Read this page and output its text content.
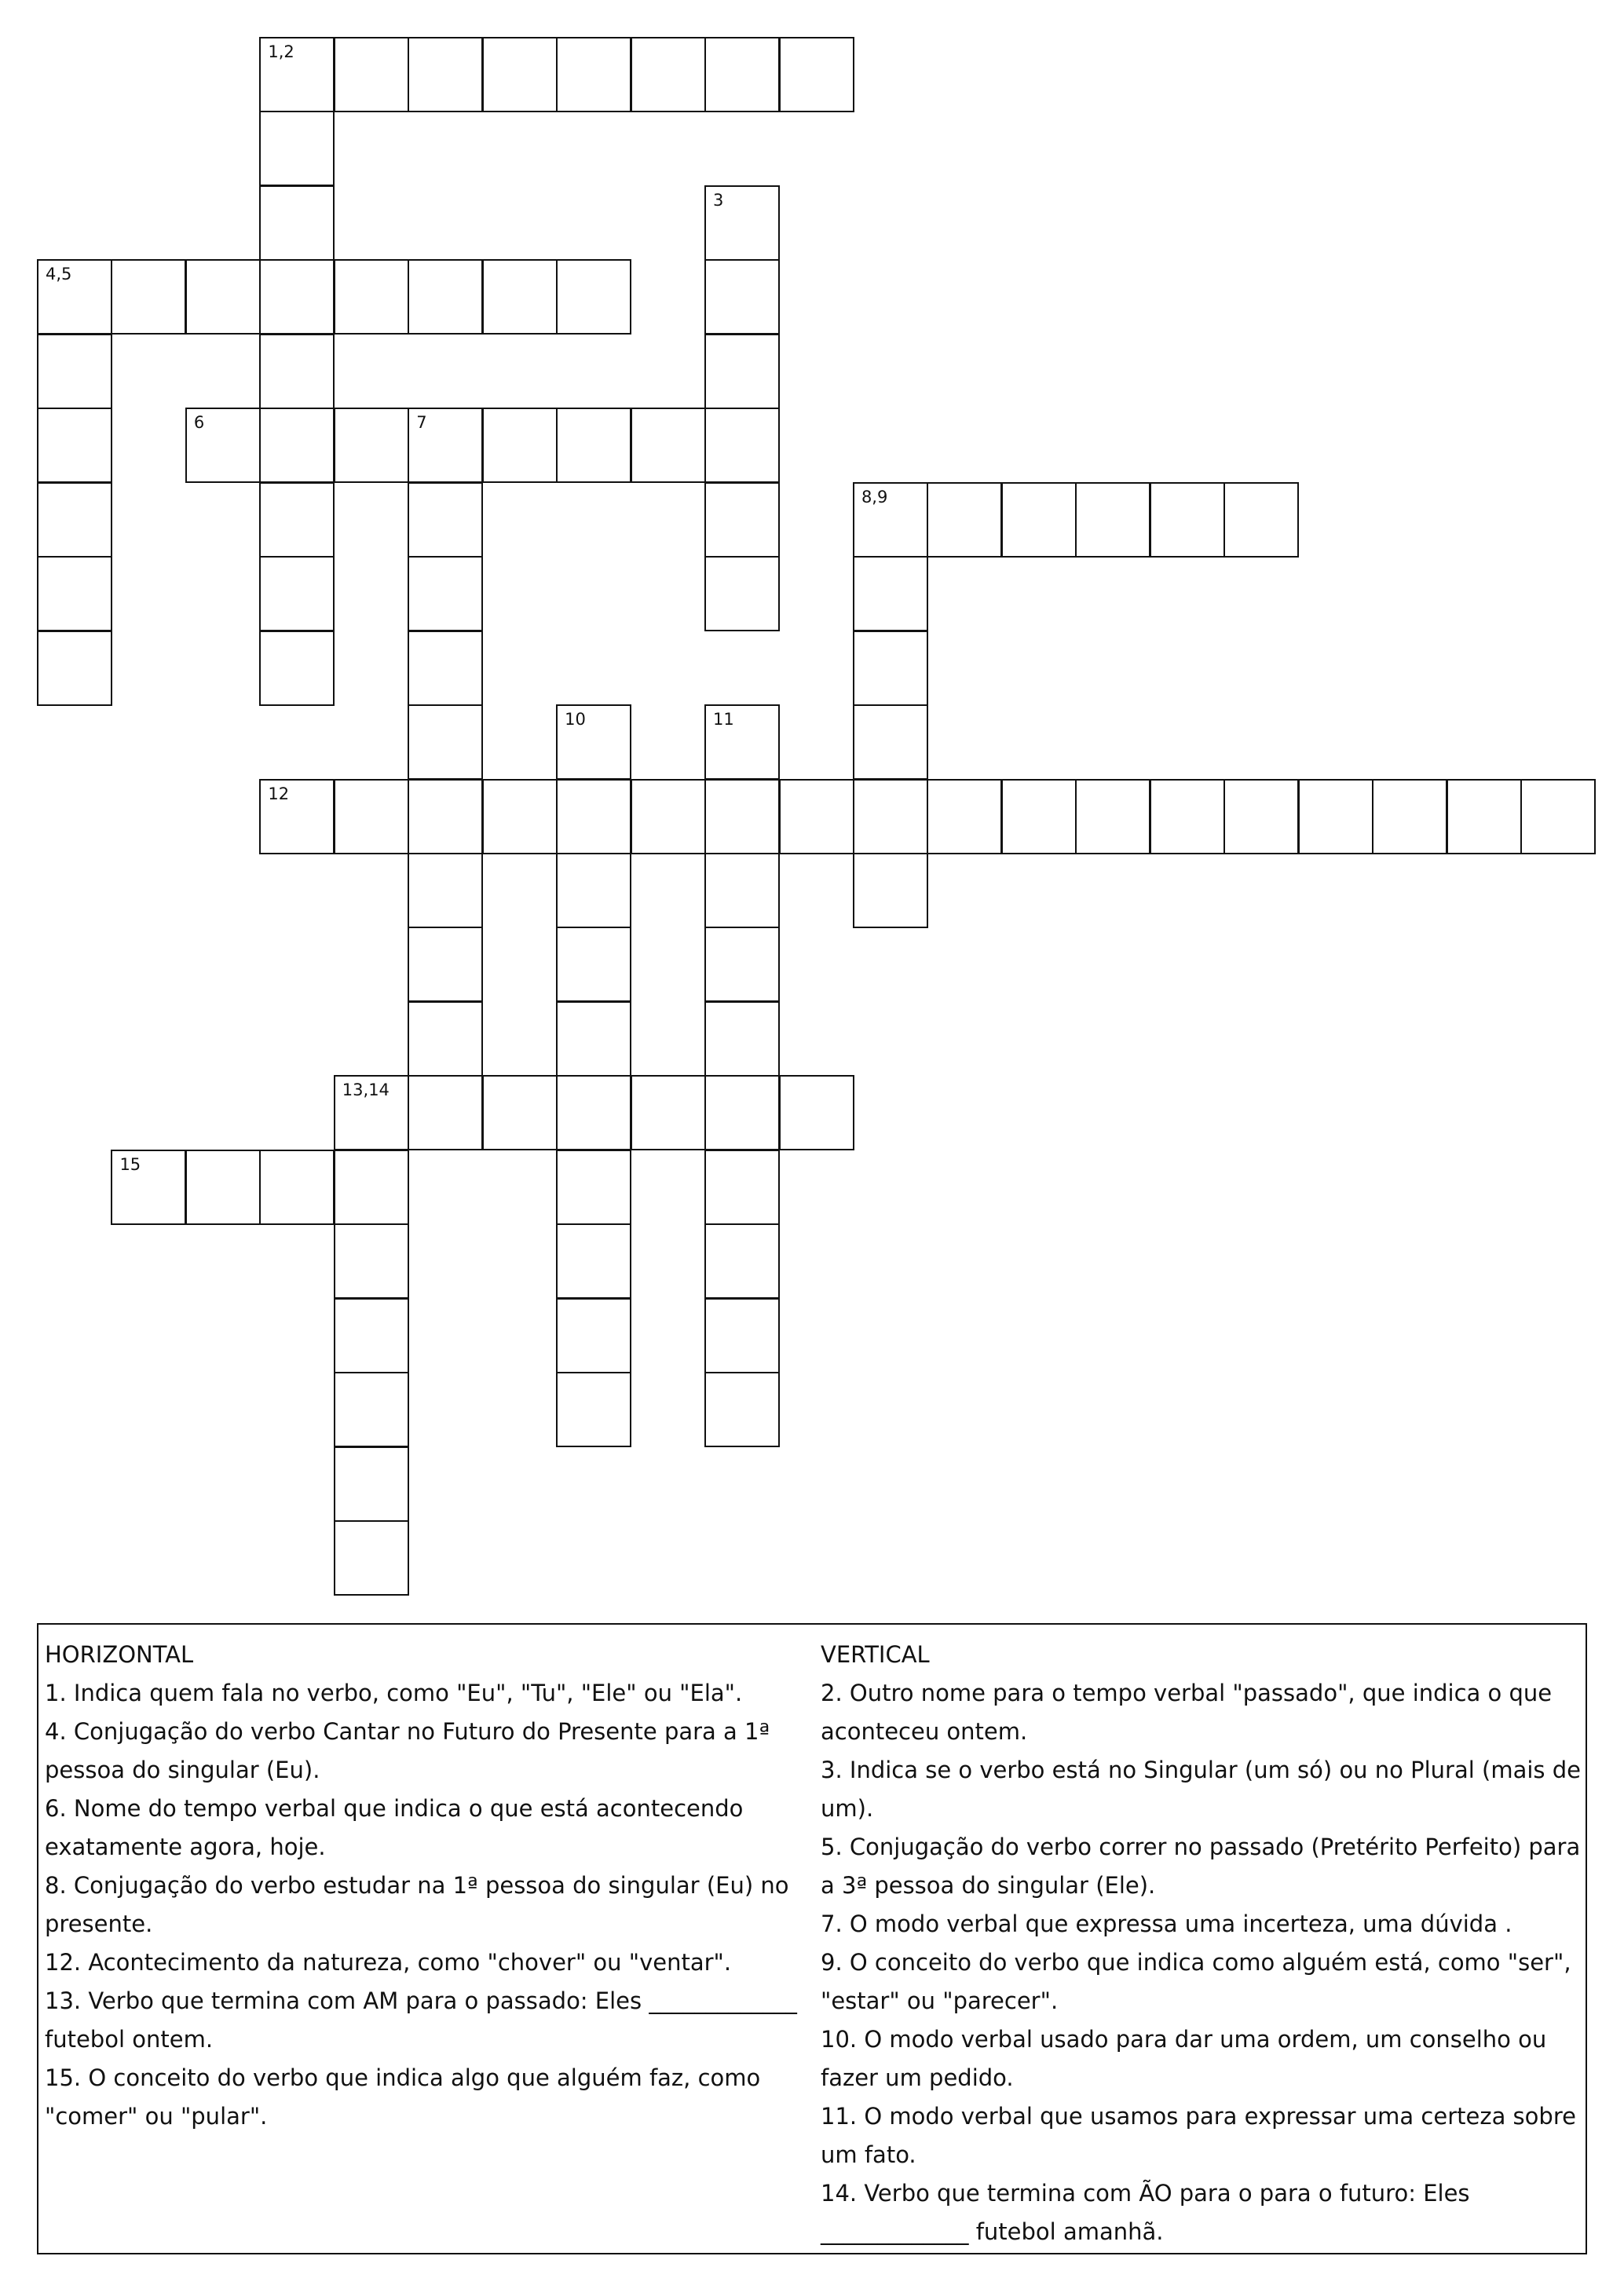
1,2
3
4,5
6	7
8,9
10	11
12
13,14
15

HORIZONTAL

1. Indica quem fala no verbo, como "Eu", "Tu", "Ele" ou "Ela".

4. Conjugação do verbo Cantar no Futuro do Presente para a 1ª pessoa do singular (Eu).

6. Nome do tempo verbal que indica o que está acontecendo exatamente agora, hoje.

8. Conjugação do verbo estudar na 1ª pessoa do singular (Eu) no presente.

12. Acontecimento da natureza, como "chover" ou "ventar".

13. Verbo que termina com AM para o passado: Eles _____________ futebol ontem.

15. O conceito do verbo que indica algo que alguém faz, como "comer" ou "pular".

VERTICAL

2. Outro nome para o tempo verbal "passado", que indica o que aconteceu ontem.

3. Indica se o verbo está no Singular (um só) ou no Plural (mais de um).

5. Conjugação do verbo correr no passado (Pretérito Perfeito) para a 3ª pessoa do singular (Ele).

7. O modo verbal que expressa uma incerteza, uma dúvida .

9. O conceito do verbo que indica como alguém está, como "ser", "estar" ou "parecer".

10. O modo verbal usado para dar uma ordem, um conselho ou fazer um pedido.

11. O modo verbal que usamos para expressar uma certeza sobre um fato.

14. Verbo que termina com ÃO para o para o futuro: Eles _____________ futebol amanhã.
